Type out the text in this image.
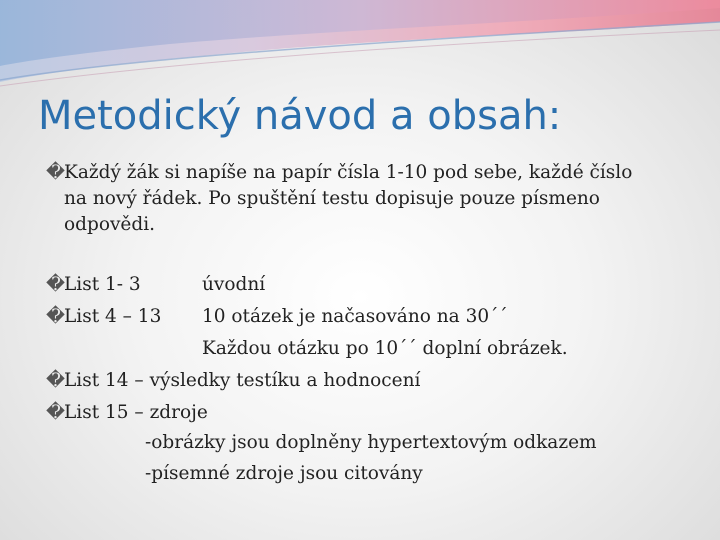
Metodický návod a obsah:
�Každý žák si napíše na papír čísla 1-10 pod sebe, každé číslo
na nový řádek. Po spuštění testu dopisuje pouze písmeno
odpovědi.
�List 1- 3	úvodní
�List 4 – 13 10 otázek je načasováno na 30´´
Každou otázku po 10´´ doplní obrázek.
�List 14 – výsledky testíku a hodnocení
�List 15 – zdroje
-obrázky jsou doplněny hypertextovým odkazem
-písemné zdroje jsou citovány
